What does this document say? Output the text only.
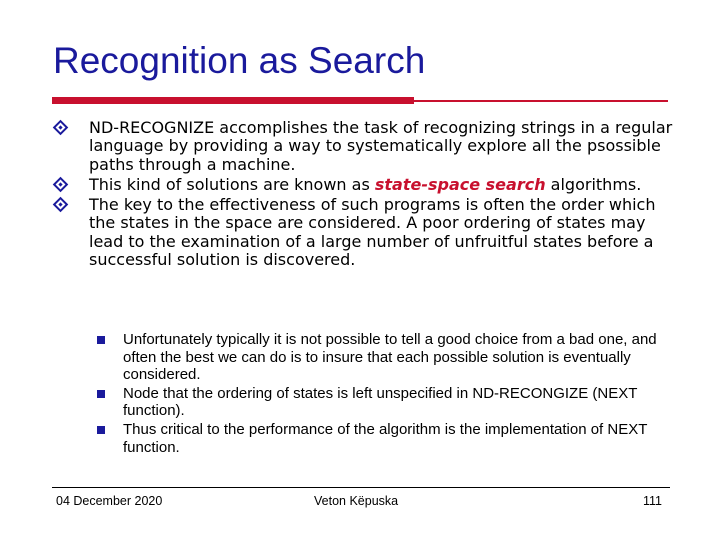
Recognition as Search
ND-RECOGNIZE accomplishes the task of recognizing strings in a regular language by providing a way to systematically explore all the psossible paths through a machine.
This kind of solutions are known as state-space search algorithms.
The key to the effectiveness of such programs is often the order which the states in the space are considered. A poor ordering of states may lead to the examination of a large number of unfruitful states before a successful solution is discovered.
Unfortunately typically it is not possible to tell a good choice from a bad one, and often the best we can do is to insure that each possible solution is eventually considered.
Node that the ordering of states is left unspecified in ND-RECONGIZE (NEXT function).
Thus critical to the performance of the algorithm is the implementation of NEXT function.
04 December 2020	Veton Këpuska	111
